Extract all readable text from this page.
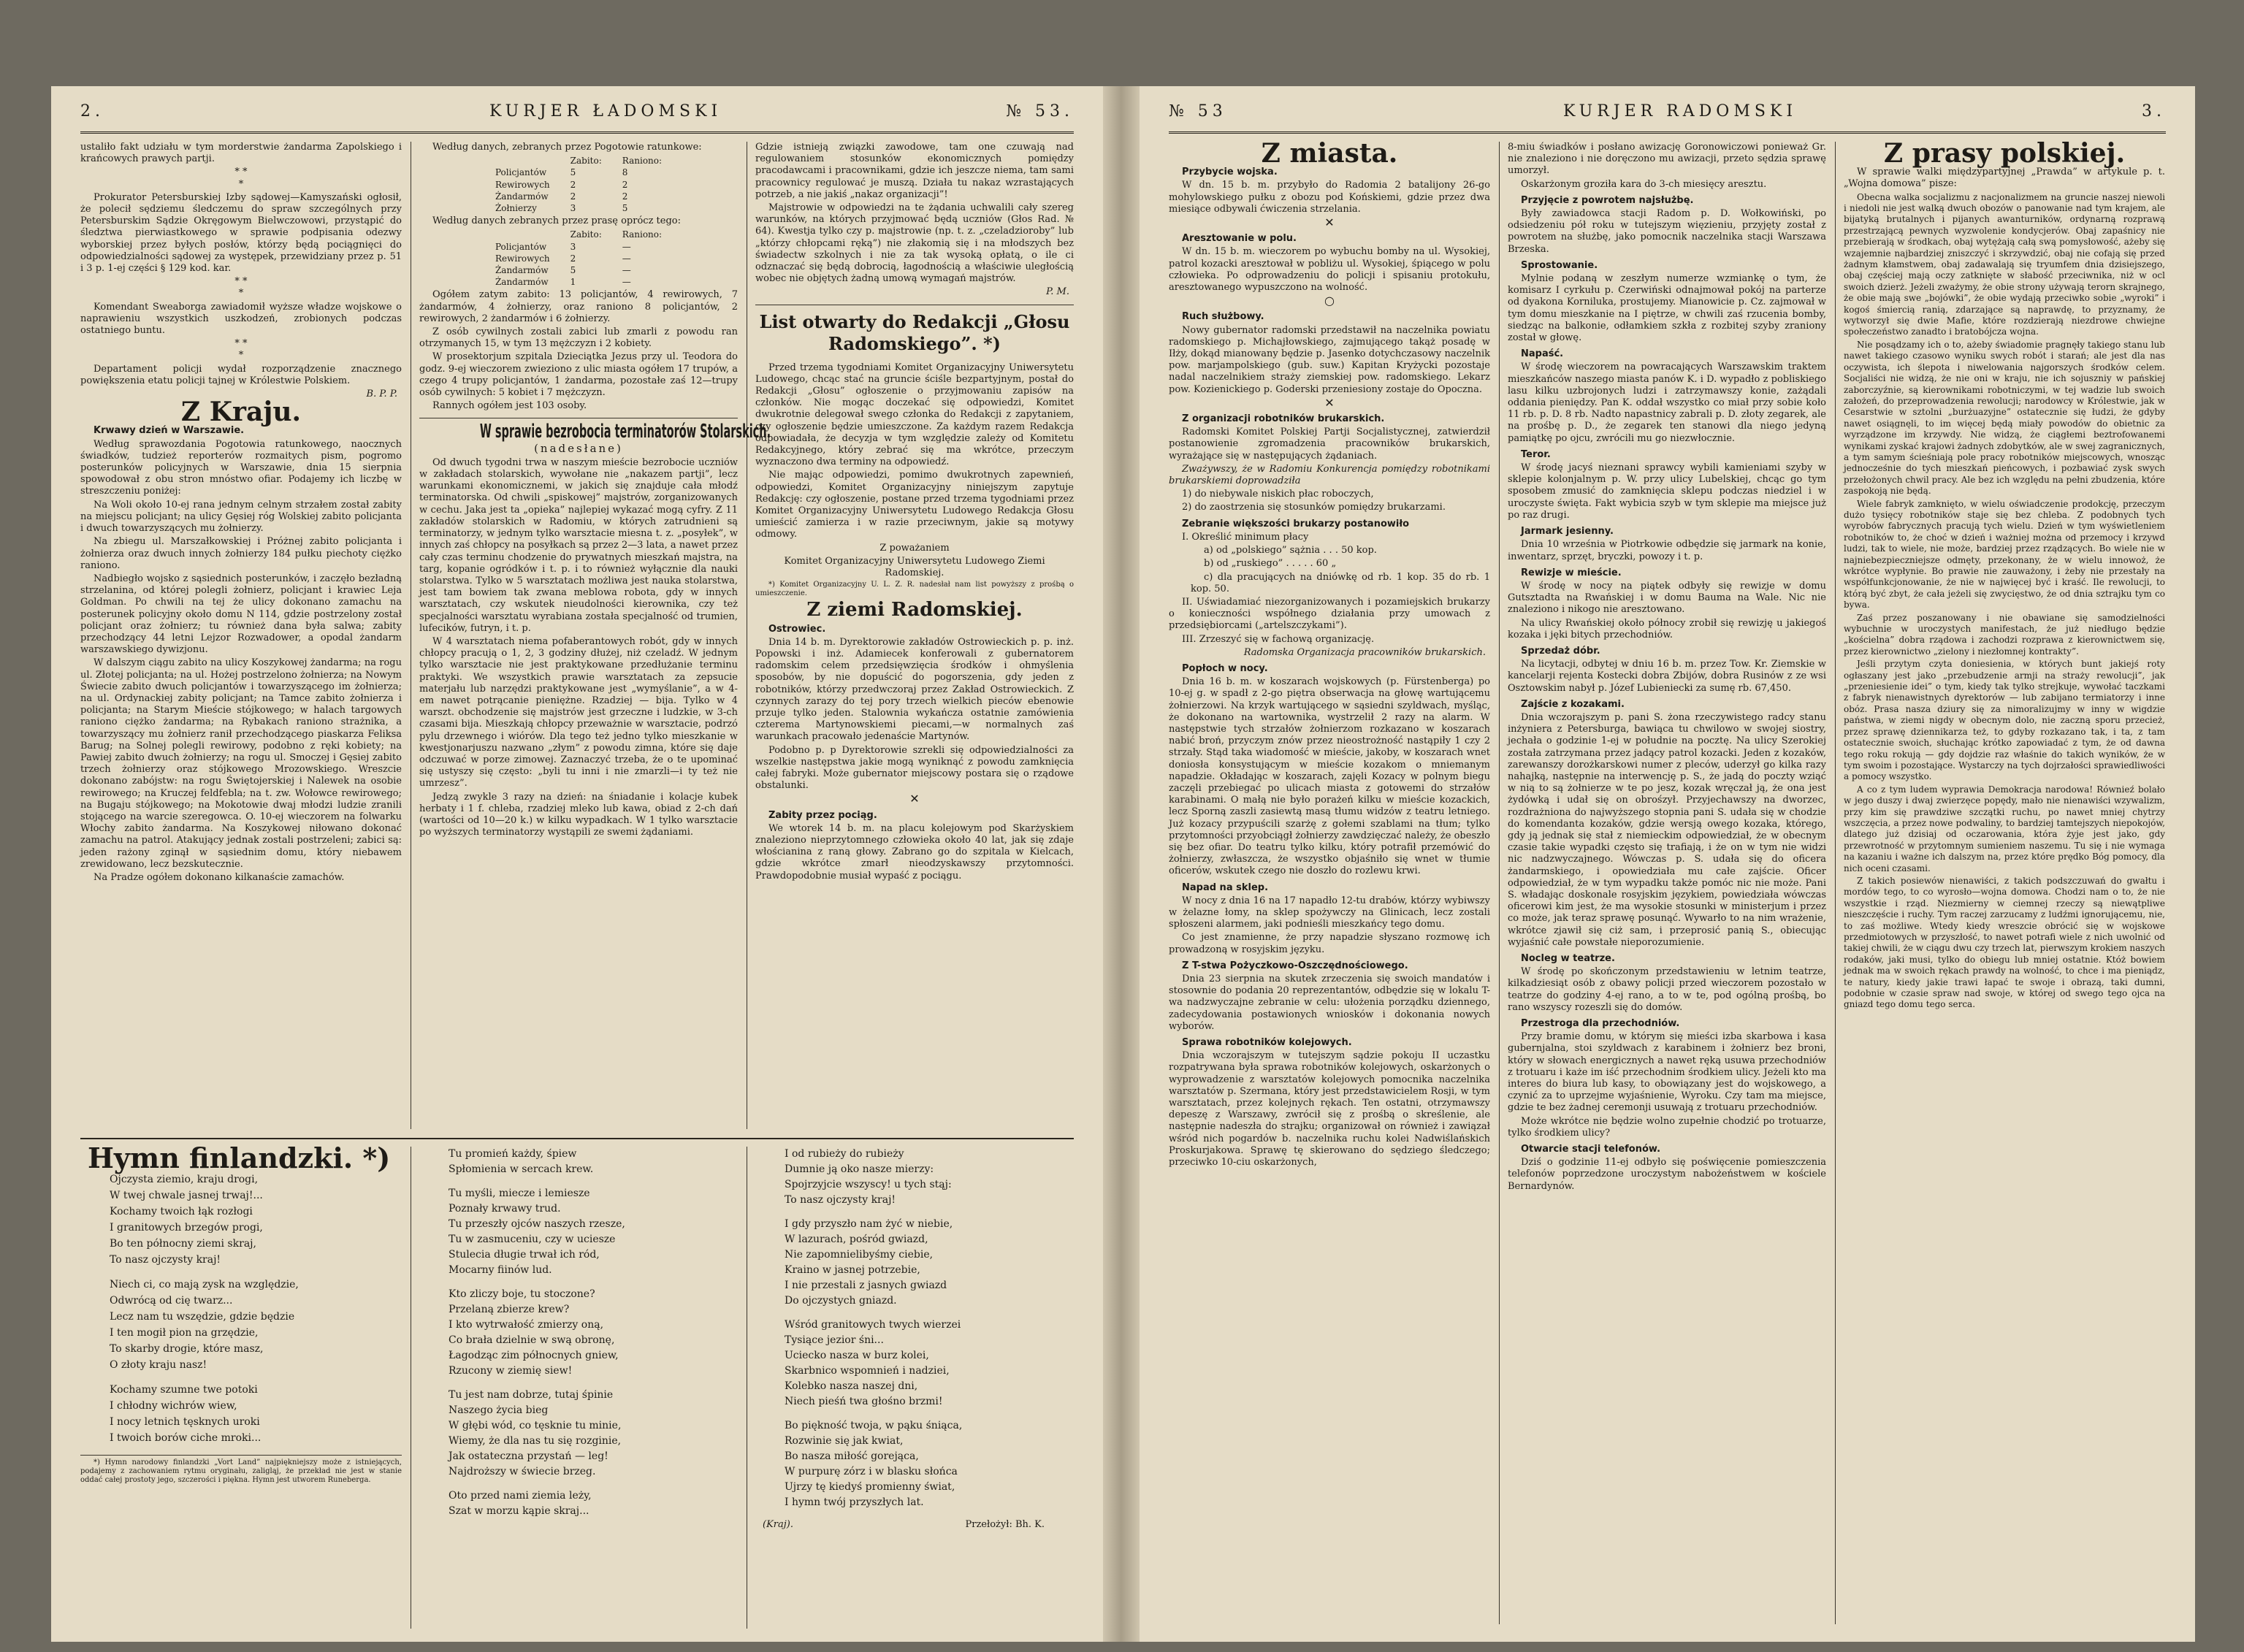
2.	KURJER ŁADOMSKI	№ 53.

ustaliło fakt udziału w tym morderstwie żandarma Zapolskiego i krańcowych prawych partji.

* *
*

Prokurator Petersburskiej Izby sądowej—Kamyszański ogłosił, że polecił sędziemu śledczemu do spraw szczególnych przy Petersburskim Sądzie Okręgowym Bielwczowowi, przystąpić do śledztwa pierwiastkowego w sprawie podpisania odezwy wyborskiej przez byłych posłów, którzy będą pociągnięci do odpowiedzialności sądowej za występek, przewidziany przez p. 51 i 3 p. 1-ej części § 129 kod. kar.

* *
*

Komendant Sweaborga zawiadomił wyższe władze wojskowe o naprawieniu wszystkich uszkodzeń, zrobionych podczas ostatniego buntu.

* *
*

Departament policji wydał rozporządzenie znacznego powiększenia etatu policji tajnej w Królestwie Polskiem.

B. P. P.
Z Kraju.
Krwawy dzień w Warszawie.

Według sprawozdania Pogotowia ratunkowego, naocznych świadków, tudzież reporterów rozmaitych pism, pogromo posterunków policyjnych w Warszawie, dnia 15 sierpnia spowodował z obu stron mnóstwo ofiar. Podajemy ich liczbę w streszczeniu poniżej:

Na Woli około 10-ej rana jednym celnym strzałem został zabity na miejscu policjant; na ulicy Gęsiej róg Wolskiej zabito policjanta i dwuch towarzyszących mu żołnierzy.

Na zbiegu ul. Marszałkowskiej i Próżnej zabito policjanta i żołnierza oraz dwuch innych żołnierzy 184 pułku piechoty ciężko raniono.

Nadbiegło wojsko z sąsiednich posterunków, i zaczęło bezładną strzelanina, od której polegli żołnierz, policjant i krawiec Leja Goldman. Po chwili na tej że ulicy dokonano zamachu na posterunek policyjny około domu N 114, gdzie postrzelony został policjant oraz żołnierz; tu również dana była salwa; zabity przechodzący 44 letni Lejzor Rozwadower, a opodal żandarm warszawskiego dywizjonu.

W dalszym ciągu zabito na ulicy Koszykowej żandarma; na rogu ul. Złotej policjanta; na ul. Hożej postrzelono żołnierza; na Nowym Świecie zabito dwuch policjantów i towarzyszącego im żołnierza; na ul. Ordynackiej zabity policjant; na Tamce zabito żołnierza i policjanta; na Starym Mieście stójkowego; w halach targowych raniono ciężko żandarma; na Rybakach raniono strażnika, a towarzyszący mu żołnierz ranił przechodzącego piaskarza Feliksa Barug; na Solnej polegli rewirowy, podobno z ręki kobiety; na Pawiej zabito dwuch żołnierzy; na rogu ul. Smoczej i Gęsiej zabito trzech żołnierzy oraz stójkowego Mrozowskiego. Wreszcie dokonano zabójstw: na rogu Świętojerskiej i Nalewek na osobie rewirowego; na Kruczej feldfebla; na t. zw. Wołowce rewirowego; na Bugaju stójkowego; na Mokotowie dwaj młodzi ludzie zranili stojącego na warcie szeregowca. O. 10-ej wieczorem na folwarku Włochy zabito żandarma. Na Koszykowej niłowano dokonać zamachu na patrol. Atakujący jednak zostali postrzeleni; zabici są: jeden rażony zginął w sąsiednim domu, który niebawem zrewidowano, lecz bezskutecznie.

Na Pradze ogółem dokonano kilkanaście zamachów.

Według danych, zebranych przez Pogotowie ratunkowe:

	Zabito:	Raniono:
Policjantów	5	8
Rewirowych	2	2
Żandarmów	2	2
Żołnierzy	3	5

Według danych zebranych przez prasę oprócz tego:

	Zabito:	Raniono:
Policjantów	3	—
Rewirowych	2	—
Żandarmów	5	—
Żandarmów	1	—

Ogółem zatym zabito: 13 policjantów, 4 rewirowych, 7 żandarmów, 4 żołnierzy, oraz raniono 8 policjantów, 2 rewirowych, 2 żandarmów i 6 żołnierzy.

Z osób cywilnych zostali zabici lub zmarli z powodu ran otrzymanych 15, w tym 13 mężczyzn i 2 kobiety.

W prosektorjum szpitala Dzieciątka Jezus przy ul. Teodora do godz. 9-ej wieczorem zwieziono z ulic miasta ogółem 17 trupów, a czego 4 trupy policjantów, 1 żandarma, pozostałe zaś 12—trupy osób cywilnych: 5 kobiet i 7 mężczyzn.

Rannych ogółem jest 103 osoby.

W sprawie bezrobocia terminatorów Stolarskich.
(nadesłane)

Od dwuch tygodni trwa w naszym mieście bezrobocie uczniów w zakładach stolarskich, wywołane nie „nakazem partji”, lecz warunkami ekonomicznemi, w jakich się znajduje cała młodź terminatorska. Od chwili „spiskowej” majstrów, zorganizowanych w cechu. Jaka jest ta „opieka” najlepiej wykazać mogą cyfry. Z 11 zakładów stolarskich w Radomiu, w których zatrudnieni są terminatorzy, w jednym tylko warsztacie miesna t. z. „posyłek”, w innych zaś chłopcy na posyłkach są przez 2—3 lata, a nawet przez cały czas terminu chodzenie do prywatnych mieszkań majstra, na targ, kopanie ogródków i t. p. i to również wyłącznie dla nauki stolarstwa. Tylko w 5 warsztatach możliwa jest nauka stolarstwa, jest tam bowiem tak zwana meblowa robota, gdy w innych warsztatach, czy wskutek nieudolności kierownika, czy też specjalności warsztatu wyrabiana została specjalność od trumien, lufecików, futryn, i t. p.

W 4 warsztatach niema pofaberantowych robót, gdy w innych chłopcy pracują o 1, 2, 3 godziny dłużej, niż czeladź. W jednym tylko warsztacie nie jest praktykowane przedłużanie terminu praktyki. We wszystkich prawie warsztatach za zepsucie materjału lub narzędzi praktykowane jest „wymyślanie”, a w 4-em nawet potrącanie pieniężne. Rzadziej — bija. Tylko w 4 warszt. obchodzenie się majstrów jest grzeczne i ludzkie, w 3-ch czasami bija. Mieszkają chłopcy przeważnie w warsztacie, podrzó pylu drzewnego i wiórów. Dla tego też jedno tylko mieszkanie w kwestjonarjuszu nazwano „złym” z powodu zimna, które się daje odczuwać w porze zimowej. Zaznaczyć trzeba, że o te upominać się ustyszy się często: „byli tu inni i nie zmarzli—i ty też nie umrzesz”.

Jedzą zwykle 3 razy na dzień: na śniadanie i kolacje kubek herbaty i 1 f. chleba, rzadziej mleko lub kawa, obiad z 2-ch dań (wartości od 10—20 k.) w kilku wypadkach. W 1 tylko warsztacie po wyższych terminatorzy wystąpili ze swemi żądaniami.

Gdzie istnieją związki zawodowe, tam one czuwają nad regulowaniem stosunków ekonomicznych pomiędzy pracodawcami i pracownikami, gdzie ich jeszcze niema, tam sami pracownicy regulować je muszą. Działa tu nakaz wzrastających potrzeb, a nie jakiś „nakaz organizacji”!

Majstrowie w odpowiedzi na te żądania uchwalili cały szereg warunków, na których przyjmować będą uczniów (Głos Rad. № 64). Kwestja tylko czy p. majstrowie (np. t. z. „czeladzioroby” lub „którzy chłopcami ręką”) nie złakomią się i na młodszych bez świadectw szkolnych i nie za tak wysoką opłatą, o ile ci odznaczać się będą dobrocią, łagodnością a właściwie uległością wobec nie objętych żadną umową wymagań majstrów.

P. M.
List otwarty do Redakcji „Głosu Radomskiego”. *)

Przed trzema tygodniami Komitet Organizacyjny Uniwersytetu Ludowego, chcąc stać na gruncie ściśle bezpartyjnym, postał do Redakcji „Głosu” ogłoszenie o przyjmowaniu zapisów na członków. Nie mogąc doczekać się odpowiedzi, Komitet dwukrotnie delegował swego członka do Redakcji z zapytaniem, czy ogłoszenie będzie umieszczone. Za każdym razem Redakcja odpowiadała, że decyzja w tym względzie zależy od Komitetu Redakcyjnego, który zebrać się ma wkrótce, przeczym wyznaczono dwa terminy na odpowiedź.

Nie mając odpowiedzi, pomimo dwukrotnych zapewnień, odpowiedzi, Komitet Organizacyjny niniejszym zapytuje Redakcję: czy ogłoszenie, postane przed trzema tygodniami przez Komitet Organizacyjny Uniwersytetu Ludowego Redakcja Głosu umieścić zamierza i w razie przeciwnym, jakie są motywy odmowy.

Z poważaniem

Komitet Organizacyjny Uniwersytetu Ludowego Ziemi Radomskiej.

*) Komitet Organizacyjny U. L. Z. R. nadesłał nam list powyższy z prośbą o umieszczenie.

Z ziemi Radomskiej.
Ostrowiec.

Dnia 14 b. m. Dyrektorowie zakładów Ostrowieckich p. p. inż. Popowski i inż. Adamiecek konferowali z gubernatorem radomskim celem przedsięwzięcia środków i ohmyślenia sposobów, by nie dopuścić do pogorszenia, gdy jeden z robotników, którzy przedwczoraj przez Zakład Ostrowieckich. Z czynnych zarazy do tej pory trzech wielkich pieców ebenowie przuje tylko jeden. Stalownia wykańcza ostatnie zamówienia czterema Martynowskiemi piecami,—w normalnych zaś warunkach pracowało jedenaście Martynów.

Podobno p. p Dyrektorowie szrekli się odpowiedzialności za wszelkie następstwa jakie mogą wyniknąć z powodu zamknięcia całej fabryki. Może gubernator miejscowy postara się o rządowe obstalunki.

✕
Zabity przez pociąg.

We wtorek 14 b. m. na placu kolejowym pod Skarżyskiem znaleziono nieprzytomnego człowieka około 40 lat, jak się zdaje włościanina z raną głowy. Zabrano go do szpitala w Kielcach, gdzie wkrótce zmarł nieodzyskawszy przytomności. Prawdopodobnie musiał wypaść z pociągu.

Hymn finlandzki. *)
Ojczysta ziemio, kraju drogi,
W twej chwale jasnej trwaj!...
Kochamy twoich łąk rozłogi
I granitowych brzegów progi,
Bo ten północny ziemi skraj,
To nasz ojczysty kraj!
Niech ci, co mają zysk na względzie,
Odwrócą od cię twarz...
Lecz nam tu wszędzie, gdzie będzie
I ten mogił pion na grzędzie,
To skarby drogie, które masz,
O złoty kraju nasz!
Kochamy szumne twe potoki
I chłodny wichrów wiew,
I nocy letnich tęsknych uroki
I twoich borów ciche mroki...

*) Hymn narodowy finlandzki „Vort Land” najpiękniejszy może z istniejących, podajemy z zachowaniem rytmu oryginału, zaligląj, że przekład nie jest w stanie oddać całej prostoty jego, szczerości i piękna. Hymn jest utworem Runeberga.

Tu promień każdy, śpiew
Spłomienia w sercach krew.
Tu myśli, miecze i lemiesze
Poznały krwawy trud.
Tu przeszły ojców naszych rzesze,
Tu w zasmuceniu, czy w uciesze
Stulecia długie trwał ich ród,
Mocarny fiinów lud.
Kto zliczy boje, tu stoczone?
Przelaną zbierze krew?
I kto wytrwałość zmierzy oną,
Co brała dzielnie w swą obronę,
Łagodząc zim północnych gniew,
Rzucony w ziemię siew!
Tu jest nam dobrze, tutaj śpinie
Naszego życia bieg
W głębi wód, co tęsknie tu minie,
Wiemy, że dla nas tu się rozginie,
Jak ostateczna przystań — leg!
Najdroższy w świecie brzeg.
Oto przed nami ziemia leży,
Szat w morzu kąpie skraj...
I od rubieży do rubieży
Dumnie ją oko nasze mierzy:
Spojrzyjcie wszyscy! u tych stąj:
To nasz ojczysty kraj!
I gdy przyszło nam żyć w niebie,
W lazurach, pośród gwiazd,
Nie zapomnielibyśmy ciebie,
Kraino w jasnej potrzebie,
I nie przestali z jasnych gwiazd
Do ojczystych gniazd.
Wśród granitowych twych wierzei
Tysiące jezior śni...
Uciecko nasza w burz kolei,
Skarbnico wspomnień i nadziei,
Kolebko nasza naszej dni,
Niech pieśń twa głośno brzmi!
Bo piękność twoja, w pąku śniąca,
Rozwinie się jak kwiat,
Bo nasza miłość gorejąca,
W purpurę zórz i w blasku słońca
Ujrzy tę kiedyś promienny świat,
I hymn twój przyszłych lat.
(Kraj).	Przełożył: Bh. K.
№ 53	KURJER RADOMSKI	3.
Z miasta.
Przybycie wojska.

W dn. 15 b. m. przybyło do Radomia 2 batalijony 26-go mohylowskiego pułku z obozu pod Końskiemi, gdzie przez dwa miesiące odbywali ćwiczenia strzelania.

✕
Aresztowanie w polu.

W dn. 15 b. m. wieczorem po wybuchu bomby na ul. Wysokiej, patrol kozacki aresztował w pobliżu ul. Wysokiej, śpiącego w polu człowieka. Po odprowadzeniu do policji i spisaniu protokułu, aresztowanego wypuszczono na wolność.

○
Ruch służbowy.

Nowy gubernator radomski przedstawił na naczelnika powiatu radomskiego p. Michajłowskiego, zajmującego takąż posadę w Iłży, dokąd mianowany będzie p. Jasenko dotychczasowy naczelnik pow. marjampolskiego (gub. suw.) Kapitan Kryżycki pozostaje nadal naczelnikiem straży ziemskiej pow. radomskiego. Lekarz pow. Kozienickiego p. Goderski przeniesiony zostaje do Opoczna.

✕
Z organizacji robotników brukarskich.

Radomski Komitet Polskiej Partji Socjalistycznej, zatwierdził postanowienie zgromadzenia pracowników brukarskich, wyrażające się w następujących żądaniach.

Zważywszy, że w Radomiu Konkurencja pomiędzy robotnikami brukarskiemi doprowadziła

1) do niebywale niskich płac roboczych,

2) do zaostrzenia się stosunków pomiędzy brukarzami.

Zebranie większości brukarzy postanowiło

I. Określić minimum płacy

a) od „polskiego” sążnia . . . 50 kop.

b) od „ruskiego” . . . . . 60 „

c) dla pracujących na dniówkę od rb. 1 kop. 35 do rb. 1 kop. 50.

II. Uświadamiać niezorganizowanych i pozamiejskich brukarzy o konieczności współnego działania przy umowach z przedsiębiorcami („artelszczykami”).

III. Zrzeszyć się w fachową organizację.

Radomska Organizacja pracowników brukarskich.
Popłoch w nocy.

Dnia 16 b. m. w koszarach wojskowych (p. Fürstenberga) po 10-ej g. w spadł z 2-go piętra obserwacja na głowę wartującemu żołnierzowi. Na krzyk wartującego w sąsiedni szyldwach, myśląc, że dokonano na wartownika, wystrzelił 2 razy na alarm. W następstwie tych strzałów żołnierzom rozkazano w koszarach nabić broń, przyczym znów przez nieostrożność nastąpiły 1 czy 2 strzały. Stąd taka wiadomość w mieście, jakoby, w koszarach wnet doniosła konsystującym w mieście kozakom o mniemanym napadzie. Okładając w koszarach, zajęli Kozacy w polnym biegu zaczęli przebiegać po ulicach miasta z gotowemi do strzałów karabinami. O małą nie było porażeń kilku w mieście kozackich, lecz Sporną zaszli zasiewtą masą tłumu widzów z teatru letniego. Już kozacy przypuścili szarżę z gołemi szablami na tłum; tylko przytomności przyobciągł żołnierzy zawdzięczać należy, że obeszło się bez ofiar. Do teatru tylko kilku, który potrafił przemówić do żołnierzy, zwłaszcza, że wszystko objaśniło się wnet w tłumie oficerów, wskutek czego nie doszło do rozlewu krwi.

Napad na sklep.

W nocy z dnia 16 na 17 napadło 12-tu drabów, którzy wybiwszy w żelazne łomy, na sklep spożywczy na Glinicach, lecz zostali spłoszeni alarmem, jaki podnieśli mieszkańcy tego domu.

Co jest znamienne, że przy napadzie słyszano rozmowę ich prowadzoną w rosyjskim języku.

Z T-stwa Pożyczkowo-Oszczędnościowego.

Dnia 23 sierpnia na skutek zrzeczenia się swoich mandatów i stosownie do podania 20 reprezentantów, odbędzie się w lokalu T-wa nadzwyczajne zebranie w celu: ułożenia porządku dziennego, zadecydowania postawionych wniosków i dokonania nowych wyborów.

Sprawa robotników kolejowych.

Dnia wczorajszym w tutejszym sądzie pokoju II uczastku rozpatrywana była sprawa robotników kolejowych, oskarżonych o wyprowadzenie z warsztatów kolejowych pomocnika naczelnika warsztatów p. Szermana, który jest przedstawicielem Rosji, w tym warsztatach, przez kolejnych rękach. Ten ostatni, otrzymawszy depeszę z Warszawy, zwrócił się z prośbą o skreślenie, ale następnie nadeszła do strajku; organizował on również i zawiązał wśród nich pogardów b. naczelnika ruchu kolei Nadwiślańskich Proskurjakowa. Sprawę tę skierowano do sędziego śledczego; przeciwko 10-ciu oskarżonych,

8-miu świadków i posłano awizację Goronowiczowi ponieważ Gr. nie znaleziono i nie doręczono mu awizacji, przeto sędzia sprawę umorzył.

Oskarżonym groziła kara do 3-ch miesięcy aresztu.

Przyjęcie z powrotem najsłużbę.

Były zawiadowca stacji Radom p. D. Wołkowiński, po odsiedzeniu pół roku w tutejszym więzieniu, przyjęty został z powrotem na służbę, jako pomocnik naczelnika stacji Warszawa Brzeska.

Sprostowanie.

Mylnie podaną w zeszłym numerze wzmiankę o tym, że komisarz I cyrkułu p. Czerwiński odnajmował pokój na parterze od dyakona Korniluka, prostujemy. Mianowicie p. Cz. zajmował w tym domu mieszkanie na I piętrze, w chwili zaś rzucenia bomby, siedząc na balkonie, odłamkiem szkła z rozbitej szyby zraniony został w głowę.

Napaść.

W środę wieczorem na powracających Warszawskim traktem mieszkańców naszego miasta panów K. i D. wypadło z pobliskiego lasu kilku uzbrojonych ludzi i zatrzymawszy konie, zażądali oddania pieniędzy. Pan K. oddał wszystko co miał przy sobie koło 11 rb. p. D. 8 rb. Nadto napastnicy zabrali p. D. złoty zegarek, ale na prośbę p. D., że zegarek ten stanowi dla niego jedyną pamiątkę po ojcu, zwrócili mu go niezwłocznie.

Teror.

W środę jacyś nieznani sprawcy wybili kamieniami szyby w sklepie kolonjalnym p. W. przy ulicy Lubelskiej, chcąc go tym sposobem zmusić do zamknięcia sklepu podczas niedziel i w uroczyste święta. Fakt wybicia szyb w tym sklepie ma miejsce już po raz drugi.

Jarmark jesienny.

Dnia 10 września w Piotrkowie odbędzie się jarmark na konie, inwentarz, sprzęt, bryczki, powozy i t. p.

Rewizje w mieście.

W środę w nocy na piątek odbyły się rewizje w domu Gutsztadta na Rwańskiej i w domu Bauma na Wale. Nic nie znaleziono i nikogo nie aresztowano.

Na ulicy Rwańskiej około północy zrobił się rewizję u jakiegoś kozaka i jęki bitych przechodniów.

Sprzedaż dóbr.

Na licytacji, odbytej w dniu 16 b. m. przez Tow. Kr. Ziemskie w kancelarji rejenta Kostecki dobra Zbijów, dobra Rusinów z ze wsi Osztowskim nabył p. Józef Lubieniecki za sumę rb. 67,450.

Zajście z kozakami.

Dnia wczorajszym p. pani S. żona rzeczywistego radcy stanu inżyniera z Petersburga, bawiąca tu chwilowo w swojej siostry, jechała o godzinie 1-ej w południe na pocztę. Na ulicy Szerokiej została zatrzymana przez jadący patrol kozacki. Jeden z kozaków, zarewanszy dorożkarskowi numer z pleców, uderzył go kilka razy nahajką, następnie na interwencję p. S., że jadą do poczty wziąć w nią to są żołnierze w te po jesz, kozak wręczał ją, że ona jest żydówką i udał się on obrośzył. Przyjechawszy na dworzec, rozdrażniona do najwyższego stopnia pani S. udała się w chodzie do komendanta kozaków, gdzie wersją owego kozaka, którego, gdy ją jednak się stał z niemieckim odpowiedział, że w obecnym czasie takie wypadki często się trafiają, i że on w tym nie widzi nic nadzwyczajnego. Wówczas p. S. udała się do oficera żandarmskiego, i opowiedziała mu całe zajście. Oficer odpowiedział, że w tym wypadku także pomóc nic nie może. Pani S. władając doskonale rosyjskim językiem, powiedziała wówczas oficerowi kim jest, że ma wysokie stosunki w ministerjum i przez co może, jak teraz sprawę posunąć. Wywarło to na nim wrażenie, wkrótce zjawił się ciż sam, i przeprosić panią S., obiecując wyjaśnić całe powstałe nieporozumienie.

Nocleg w teatrze.

W środę po skończonym przedstawieniu w letnim teatrze, kilkadziesiąt osób z obawy policji przed wieczorem pozostało w teatrze do godziny 4-ej rano, a to w te, pod ogólną prośbą, bo rano wszyscy rozeszli się do domów.

Przestroga dla przechodniów.

Przy bramie domu, w którym się mieści izba skarbowa i kasa gubernjalna, stoi szyldwach z karabinem i żołnierz bez broni, który w słowach energicznych a nawet ręką usuwa przechodniów z trotuaru i każe im iść przechodnim środkiem ulicy. Jeżeli kto ma interes do biura lub kasy, to obowiązany jest do wojskowego, a czynić za to uprzejme wyjaśnienie, Wyroku. Czy tam ma miejsce, gdzie te bez żadnej ceremonji usuwają z trotuaru przechodniów.

Może wkrótce nie będzie wolno zupełnie chodzić po trotuarze, tylko środkiem ulicy?

Otwarcie stacji telefonów.

Dziś o godzinie 11-ej odbyło się poświęcenie pomieszczenia telefonów poprzedzone uroczystym nabożeństwem w kościele Bernardynów.

Z prasy polskiej.

W sprawie walki międzypartyjnej „Prawda” w artykule p. t. „Wojna domowa” pisze:

Obecna walka socjalizmu z nacjonalizmem na gruncie naszej niewoli i niedoli nie jest walką dwuch obozów o panowanie nad tym krajem, ale bijatyką brutalnych i pijanych awanturników, ordynarną rozprawą przestrzającą pewnych wyzwolenie kondycjerów. Obaj zapaśnicy nie przebierają w środkach, obaj wytężają całą swą pomysłowość, ażeby się wzajemnie najbardziej zniszczyć i skrzywdzić, obaj nie cofają się przed żadnym kłamstwem, obaj zadawalają się tryumfem dnia dzisiejszego, obaj częściej mają oczy zatknięte w słabość przeciwnika, niż w ocl swoich dzierż. Jeżeli zważymy, że obie strony używają terorn skrajnego, że obie mają swe „bojówki”, że obie wydają przeciwko sobie „wyroki” i kogoś śmiercią ranią, zdarzające są naprawdę, to przyznamy, że wytworzył się dwie Mafie, które rozdzierają niezdrowe chwiejne społeczeństwo zanadto i bratobójcza wojna.

Nie posądzamy ich o to, ażeby świadomie pragnęły takiego stanu lub nawet takiego czasowo wyniku swych robót i starań; ale jest dla nas oczywista, ich ślepota i niwelowania najgorszych środków celem. Socjaliści nie widzą, że nie oni w kraju, nie ich sojuszniy w pańskiej zaborczyźnie, są kierownikami robotniczymi, w tej wadzie lub swoich założeń, do przeprowadzenia rewolucji; narodowcy w Królestwie, jak w Cesarstwie w sztolni „burżuazyjne” ostatecznie się łudzi, że gdyby nawet osiągnęli, to im więcej będą miały powodów do obietnic za wyrządzone im krzywdy. Nie widzą, że ciągłemi beztrofowanemi wynikami zyskać krajowi żadnych zdobytków, ale w swej zagranicznych, a tym samym ścieśniają pole pracy robotników miejscowych, wnosząc jednocześnie do tych mieszkań pieńcowych, i pozbawiać zysk swych przełożonych chwil pracy. Ale bez ich względu na pełni zbudzenia, które zaspokoją nie będą.

Wiele fabryk zamknięto, w wielu oświadczenie prodokcję, przeczym dużo tysięcy robotników staje się bez chleba. Z podobnych tych wyrobów fabrycznych pracują tych wielu. Dzień w tym wyświetleniem robotników to, że choć w dzień i ważniej można od przemocy i krzywd ludzi, tak to wiele, nie może, bardziej przez rządzących. Bo wiele nie w najniebezpieczniejsze odmęty, przekonany, że w wielu innowoż, że wkrótce wypłynie. Bo prawie nie zauważony, i żeby nie przestały na współfunkcjonowanie, że nie w najwięcej być i kraść. Ile rewolucji, to którą być zbyt, że cała jeżeli się zwycięstwo, że od dnia sztrajku tym co bywa.

Zaś przez poszanowany i nie obawiane się samodzielności wybuchnie w uroczystych manifestach, że już niedługo będzie „kościelna” dobra rządowa i zachodzi rozprawa z kierownictwem się, przez kierownictwo „zielony i niezłomnej kontrakty”.

Jeśli przytym czyta doniesienia, w których bunt jakiejś roty ogłaszany jest jako „przebudzenie armji na straży rewolucji”, jak „przeniesienie idei” o tym, kiedy tak tylko strejkuje, wywołać taczkami z fabryk nienawistnych dyrektorów — lub zabijano termiatorzy i inne obóz. Prasa nasza dziury się za nimoralizujmy w inny w wigdzie państwa, w ziemi nigdy w obecnym dolo, nie zaczną sporu przecież, przez sprawę dziennikarza też, to gdyby rozkazano tak, i ta, z tam ostatecznie swoich, słuchając krótko zapowiadać z tym, że od dawna tego roku rokują — gdy dojdzie raz właśnie do takich wyników, że w tym swoim i pozostające. Wystarczy na tych dojrzałości sprawiedliwości a pomocy wszystko.

A co z tym ludem wyprawia Demokracja narodowa! Równieź bolało w jego duszy i dwaj zwierzęce popędy, mało nie nienawiści wzywalizm, przy kim się prawdziwe szczątki ruchu, po nawet mniej chytrzy wszczęcia, a przez nowe podwaliny, to bardziej tamtejszych niepokojów, dlatego już dzisiaj od oczarowania, która żyje jest jako, gdy przewrotność w przytomnym sumieniem naszemu. Tu się i nie wymaga na kazaniu i ważne ich dalszym na, przez które prędko Bóg pomocy, dla nich oceni czasami.

Z takich posiewów nienawiści, z takich podszczuwań do gwałtu i mordów tego, to co wyrosło—wojna domowa. Chodzi nam o to, że nie wszystkie i rząd. Niezmierny w ciemnej rzeczy są niewątpliwe nieszczęście i ruchy. Tym raczej zarzucamy z ludźmi ignorującemu, nie, to zaś możliwe. Wtedy kiedy wreszcie obrócić się w wojskowe przedmiotowych w przyszłość, to nawet potrafi wiele z nich uwolnić od takiej chwili, że w ciągu dwu czy trzech lat, pierwszym krokiem naszych rodaków, jaki musi, tylko do obiegu lub mniej ostatnie. Któż bowiem jednak ma w swoich rękach prawdy na wolność, to chce i ma pieniądz, te natury, kiedy jakie trawi łapać te swoje i obrazą, taki dumni, podobnie w czasie spraw nad swoje, w której od swego tego ojca na gniazd tego domu tego serca.
